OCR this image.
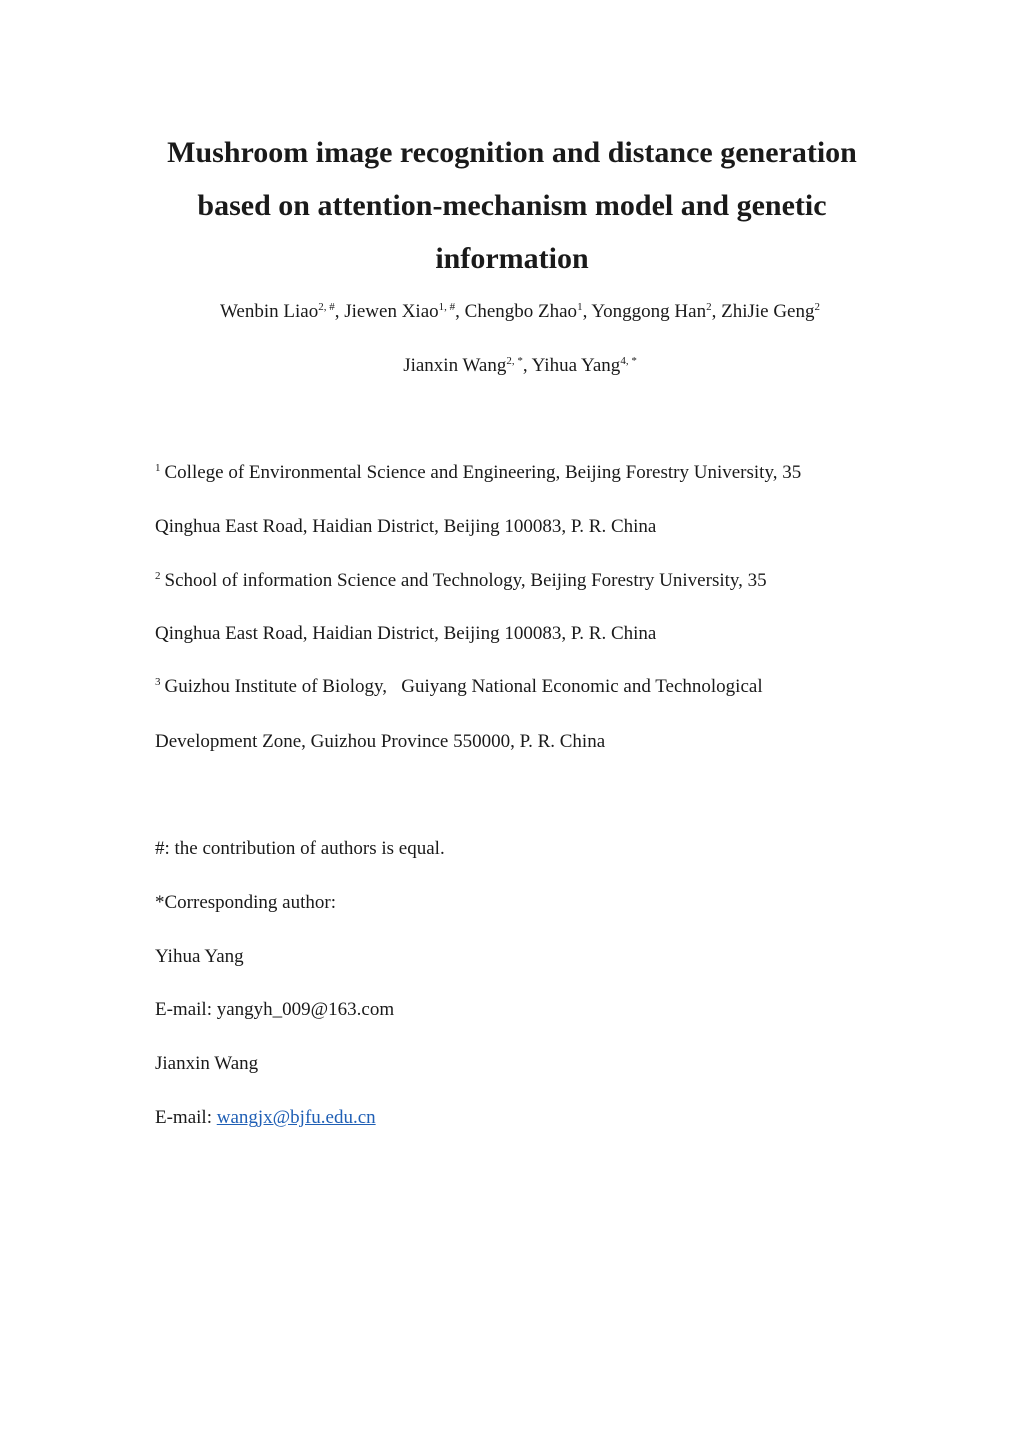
Mushroom image recognition and distance generation
based on attention-mechanism model and genetic
information
Wenbin Liao$^{2, \#}$, Jiewen Xiao$^{1, \#}$, Chengbo Zhao$^1$, Yonggong Han$^2$, ZhiJie Geng$^2$
Jianxin Wang$^{2, *}$, Yihua Yang$^{4, *}$
$^1$ College of Environmental Science and Engineering, Beijing Forestry University, 35
Qinghua East Road, Haidian District, Beijing 100083, P. R. China
$^2$ School of information Science and Technology, Beijing Forestry University, 35
Qinghua East Road, Haidian District, Beijing 100083, P. R. China
$^3$ Guizhou Institute of Biology,   Guiyang National Economic and Technological
Development Zone, Guizhou Province 550000, P. R. China
#: the contribution of authors is equal.
*Corresponding author:
Yihua Yang
E-mail: yangyh_009@163.com
Jianxin Wang
E-mail: wangjx@bjfu.edu.cn
